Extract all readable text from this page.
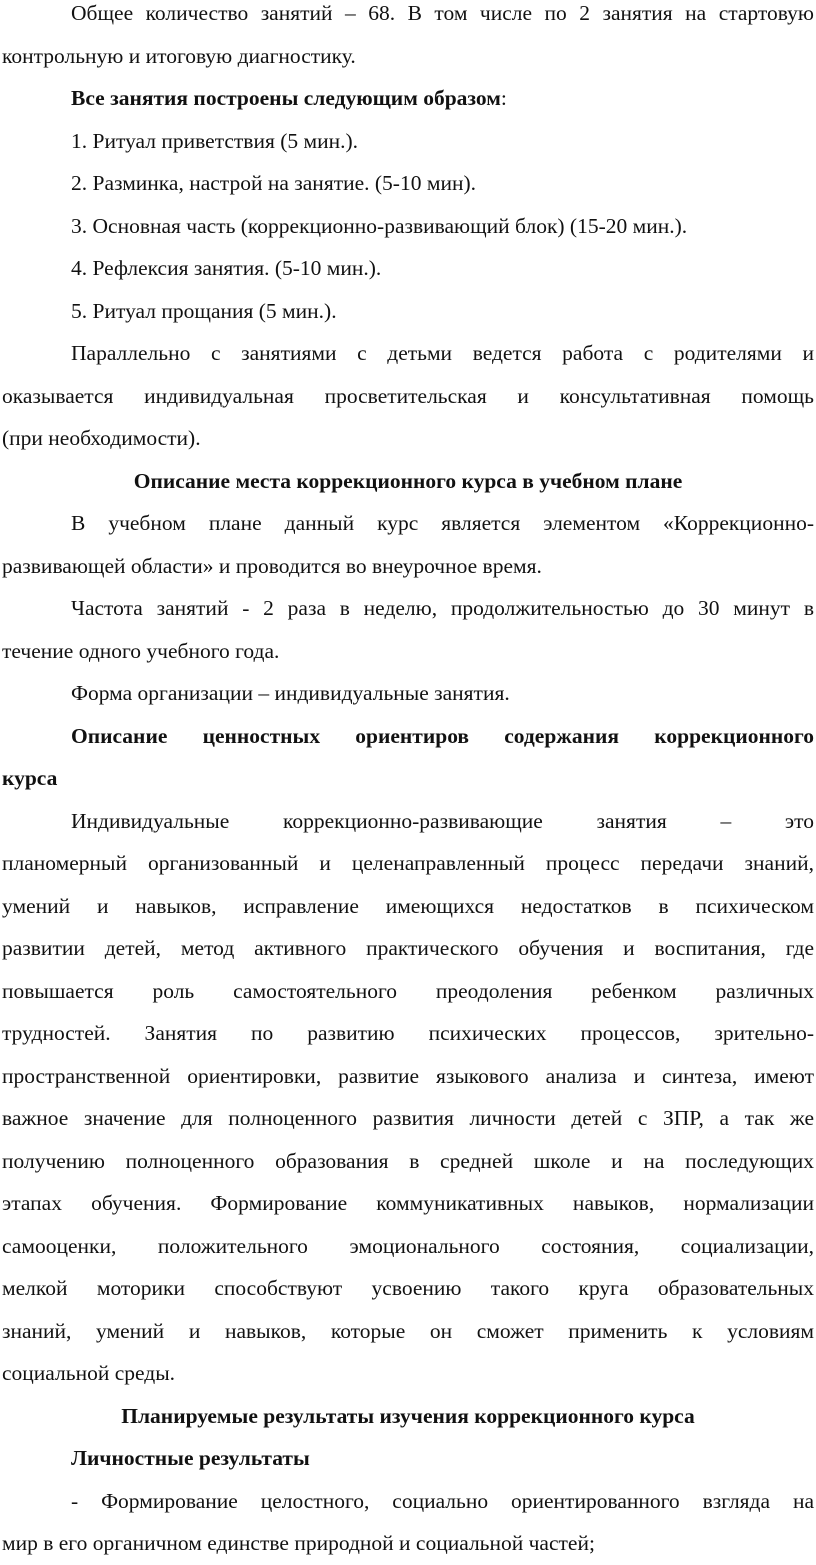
Общее количество занятий – 68. В том числе по 2 занятия на стартовую
контрольную и итоговую диагностику.
Все занятия построены следующим образом:
1. Ритуал приветствия (5 мин.).
2. Разминка, настрой на занятие. (5-10 мин).
3. Основная часть (коррекционно-развивающий блок) (15-20 мин.).
4. Рефлексия занятия. (5-10 мин.).
5. Ритуал прощания (5 мин.).
Параллельно с занятиями с детьми ведется работа с родителями и
оказывается индивидуальная просветительская и консультативная помощь
(при необходимости).
Описание места коррекционного курса в учебном плане
В учебном плане данный курс является элементом «Коррекционно-
развивающей области» и проводится во внеурочное время.
Частота занятий - 2 раза в неделю, продолжительностью до 30 минут в
течение одного учебного года.
Форма организации – индивидуальные занятия.
Описание ценностных ориентиров содержания коррекционного
курса
Индивидуальные коррекционно-развивающие занятия – это
планомерный организованный и целенаправленный процесс передачи знаний,
умений и навыков, исправление имеющихся недостатков в психическом
развитии детей, метод активного практического обучения и воспитания, где
повышается роль самостоятельного преодоления ребенком различных
трудностей. Занятия по развитию психических процессов, зрительно-
пространственной ориентировки, развитие языкового анализа и синтеза, имеют
важное значение для полноценного развития личности детей с ЗПР, а так же
получению полноценного образования в средней школе и на последующих
этапах обучения. Формирование коммуникативных навыков, нормализации
самооценки, положительного эмоционального состояния, социализации,
мелкой моторики способствуют усвоению такого круга образовательных
знаний, умений и навыков, которые он сможет применить к условиям
социальной среды.
Планируемые результаты изучения коррекционного курса
Личностные результаты
- Формирование целостного, социально ориентированного взгляда на
мир в его органичном единстве природной и социальной частей;
